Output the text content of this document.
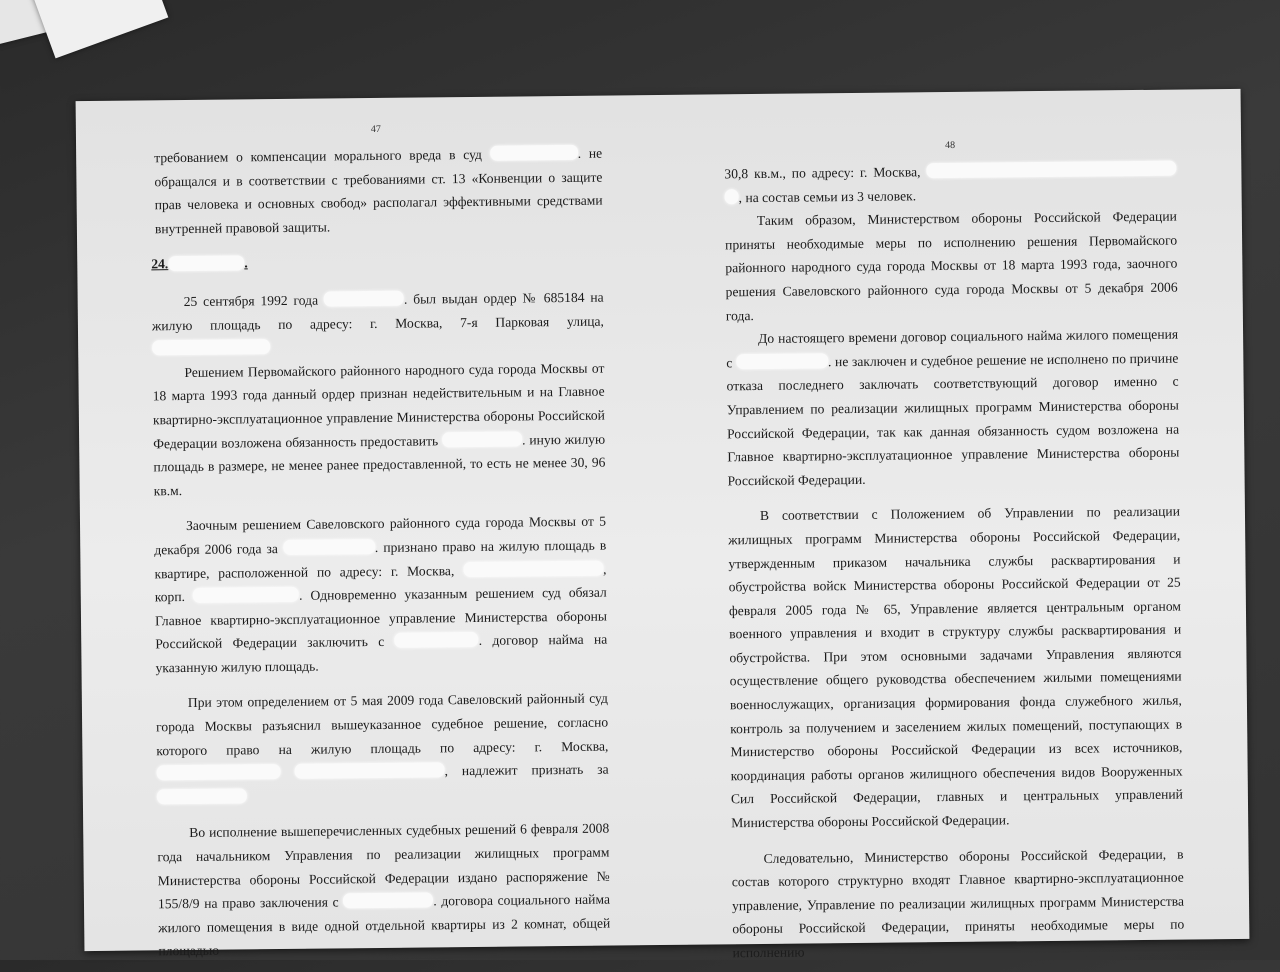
47

требованием о компенсации морального вреда в суд	. не обращался и в соответствии с требованиями ст. 13 «Конвенции о защите прав человека и основных свобод» располагал эффективными средствами внутренней правовой защиты.

24.	.

25 сентября 1992 года	. был выдан ордер № 685184 на жилую площадь по адресу: г. Москва, 7-я Парковая улица,

Решением Первомайского районного народного суда города Москвы от 18 марта 1993 года данный ордер признан недействительным и на Главное квартирно-эксплуатационное управление Министерства обороны Российской Федерации возложена обязанность предоставить	. иную жилую площадь в размере, не менее ранее предоставленной, то есть не менее 30, 96 кв.м.

Заочным решением Савеловского районного суда города Москвы от 5 декабря 2006 года за	. признано право на жилую площадь в квартире, расположенной по адресу: г. Москва,	, корп.	. Одновременно указанным решением суд обязал Главное квартирно-эксплуатационное управление Министерства обороны Российской Федерации заключить с	. договор найма на указанную жилую площадь.

При этом определением от 5 мая 2009 года Савеловский районный суд города Москвы разъяснил вышеуказанное судебное решение, согласно которого право на жилую площадь по адресу: г. Москва,  , надлежит признать за

Во исполнение вышеперечисленных судебных решений 6 февраля 2008 года начальником Управления по реализации жилищных программ Министерства обороны Российской Федерации издано распоряжение № 155/8/9 на право заключения с	. договора социального найма жилого помещения в виде одной отдельной квартиры из 2 комнат, общей площадью

48

30,8 кв.м., по адресу: г. Москва,  , на состав семьи из 3 человек.

Таким образом, Министерством обороны Российской Федерации приняты необходимые меры по исполнению решения Первомайского районного народного суда города Москвы от 18 марта 1993 года, заочного решения Савеловского районного суда города Москвы от 5 декабря 2006 года.

До настоящего времени договор социального найма жилого помещения с	. не заключен и судебное решение не исполнено по причине отказа последнего заключать соответствующий договор именно с Управлением по реализации жилищных программ Министерства обороны Российской Федерации, так как данная обязанность судом возложена на Главное квартирно-эксплуатационное управление Министерства обороны Российской Федерации.

В соответствии с Положением об Управлении по реализации жилищных программ Министерства обороны Российской Федерации, утвержденным приказом начальника службы расквартирования и обустройства войск Министерства обороны Российской Федерации от 25 февраля 2005 года № 65, Управление является центральным органом военного управления и входит в структуру службы расквартирования и обустройства. При этом основными задачами Управления являются осуществление общего руководства обеспечением жилыми помещениями военнослужащих, организация формирования фонда служебного жилья, контроль за получением и заселением жилых помещений, поступающих в Министерство обороны Российской Федерации из всех источников, координация работы органов жилищного обеспечения видов Вооруженных Сил Российской Федерации, главных и центральных управлений Министерства обороны Российской Федерации.

Следовательно, Министерство обороны Российской Федерации, в состав которого структурно входят Главное квартирно-эксплуатационное управление, Управление по реализации жилищных программ Министерства обороны Российской Федерации, приняты необходимые меры по исполнению
